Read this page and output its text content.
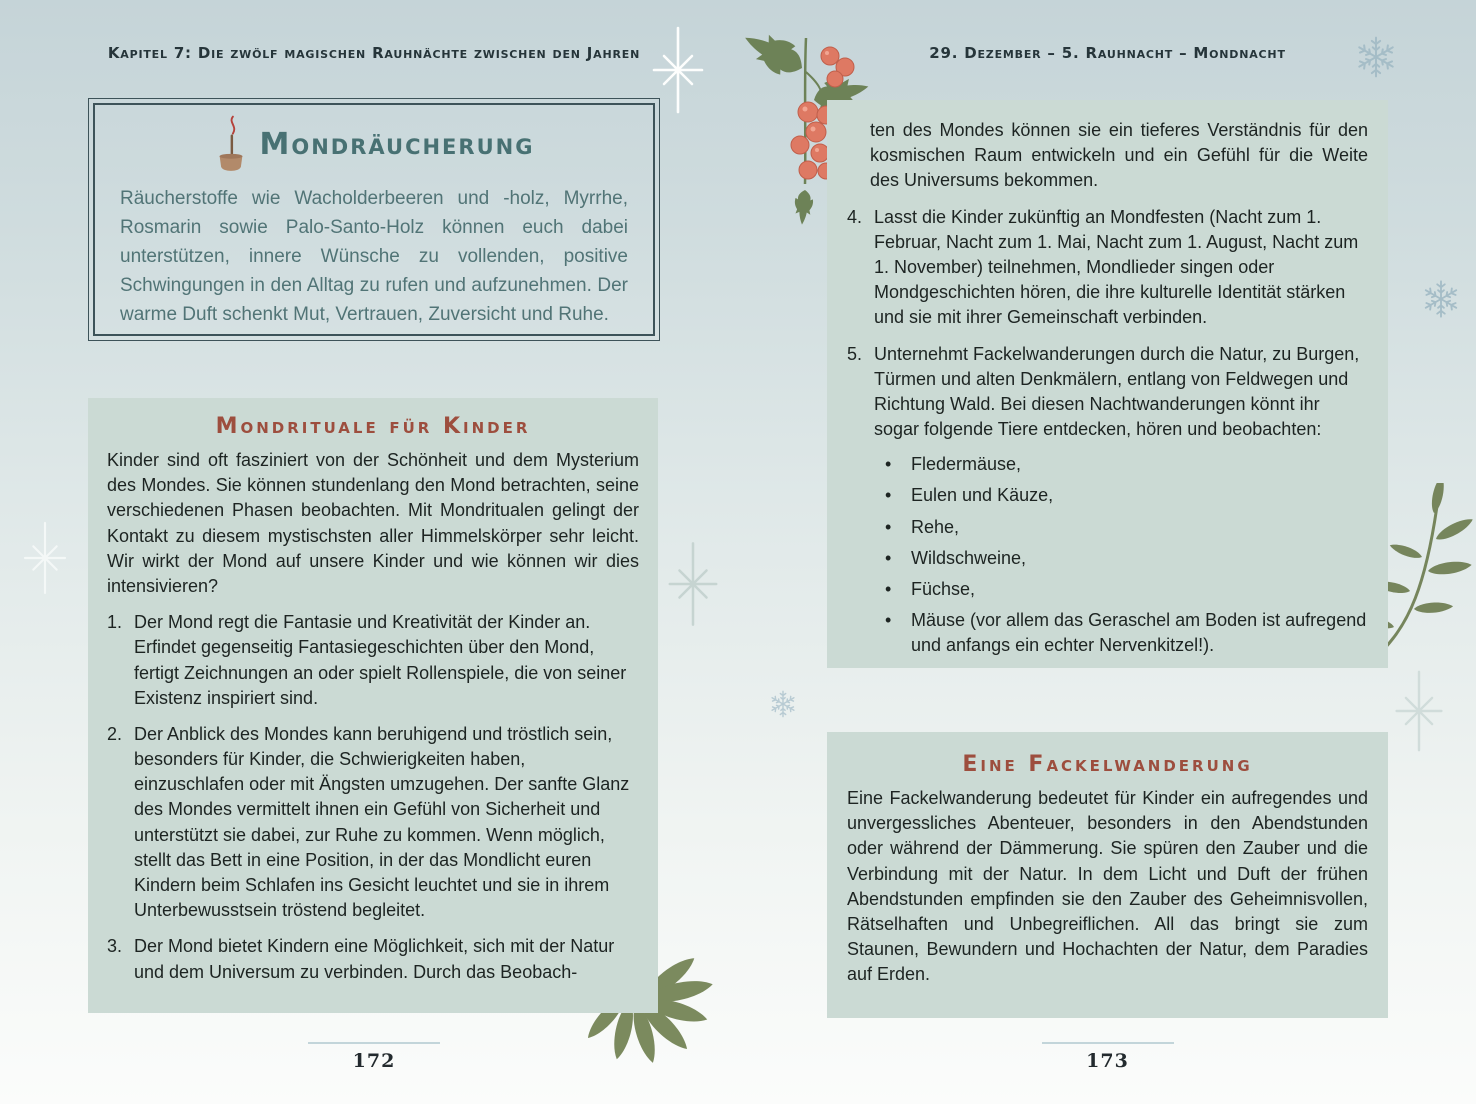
Kapitel 7: Die zwölf magischen Rauhnächte zwischen den Jahren	29. Dezember – 5. Rauhnacht – Mondnacht
Mondräucherung

Räucherstoffe wie Wacholderbeeren und -holz, Myrrhe, Rosmarin sowie Palo-Santo-Holz können euch dabei unterstützen, innere Wünsche zu vollenden, positive Schwingungen in den Alltag zu rufen und aufzunehmen. Der warme Duft schenkt Mut, Vertrauen, Zuversicht und Ruhe.

Mondrituale für Kinder

Kinder sind oft fasziniert von der Schönheit und dem Mysterium des Mondes. Sie können stundenlang den Mond betrachten, seine verschiedenen Phasen beobachten. Mit Mondritualen gelingt der Kontakt zu diesem mystischsten aller Himmelskörper sehr leicht. Wir wirkt der Mond auf unsere Kinder und wie können wir dies intensivieren?

1. Der Mond regt die Fantasie und Kreativität der Kinder an. Erfindet gegenseitig Fantasiegeschichten über den Mond, fertigt Zeichnungen an oder spielt Rollenspiele, die von seiner Existenz inspiriert sind.
2. Der Anblick des Mondes kann beruhigend und tröstlich sein, besonders für Kinder, die Schwierigkeiten haben, einzuschlafen oder mit Ängsten umzugehen. Der sanfte Glanz des Mondes vermittelt ihnen ein Gefühl von Sicherheit und unterstützt sie dabei, zur Ruhe zu kommen. Wenn möglich, stellt das Bett in eine Position, in der das Mondlicht euren Kindern beim Schlafen ins Gesicht leuchtet und sie in ihrem Unterbewusstsein tröstend begleitet.
3. Der Mond bietet Kindern eine Möglichkeit, sich mit der Natur und dem Universum zu verbinden. Durch das Beobach-

ten des Mondes können sie ein tieferes Verständnis für den kosmischen Raum entwickeln und ein Gefühl für die Weite des Universums bekommen.

4. Lasst die Kinder zukünftig an Mondfesten (Nacht zum 1. Februar, Nacht zum 1. Mai, Nacht zum 1. August, Nacht zum 1. November) teilnehmen, Mondlieder singen oder Mondgeschichten hören, die ihre kulturelle Identität stärken und sie mit ihrer Gemeinschaft verbinden.
5. Unternehmt Fackelwanderungen durch die Natur, zu Burgen, Türmen und alten Denkmälern, entlang von Feldwegen und Richtung Wald. Bei diesen Nachtwanderungen könnt ihr sogar folgende Tiere entdecken, hören und beobachten:
•	Fledermäuse,
•	Eulen und Käuze,
•	Rehe,
•	Wildschweine,
•	Füchse,
•	Mäuse (vor allem das Geraschel am Boden ist aufregend und anfangs ein echter Nervenkitzel!).
Eine Fackelwanderung

Eine Fackelwanderung bedeutet für Kinder ein aufregendes und unvergessliches Abenteuer, besonders in den Abendstunden oder während der Dämmerung. Sie spüren den Zauber und die Verbindung mit der Natur. In dem Licht und Duft der frühen Abendstunden empfinden sie den Zauber des Geheimnisvollen, Rätselhaften und Unbegreiflichen. All das bringt sie zum Staunen, Bewundern und Hochachten der Natur, dem Paradies auf Erden.

172	173
